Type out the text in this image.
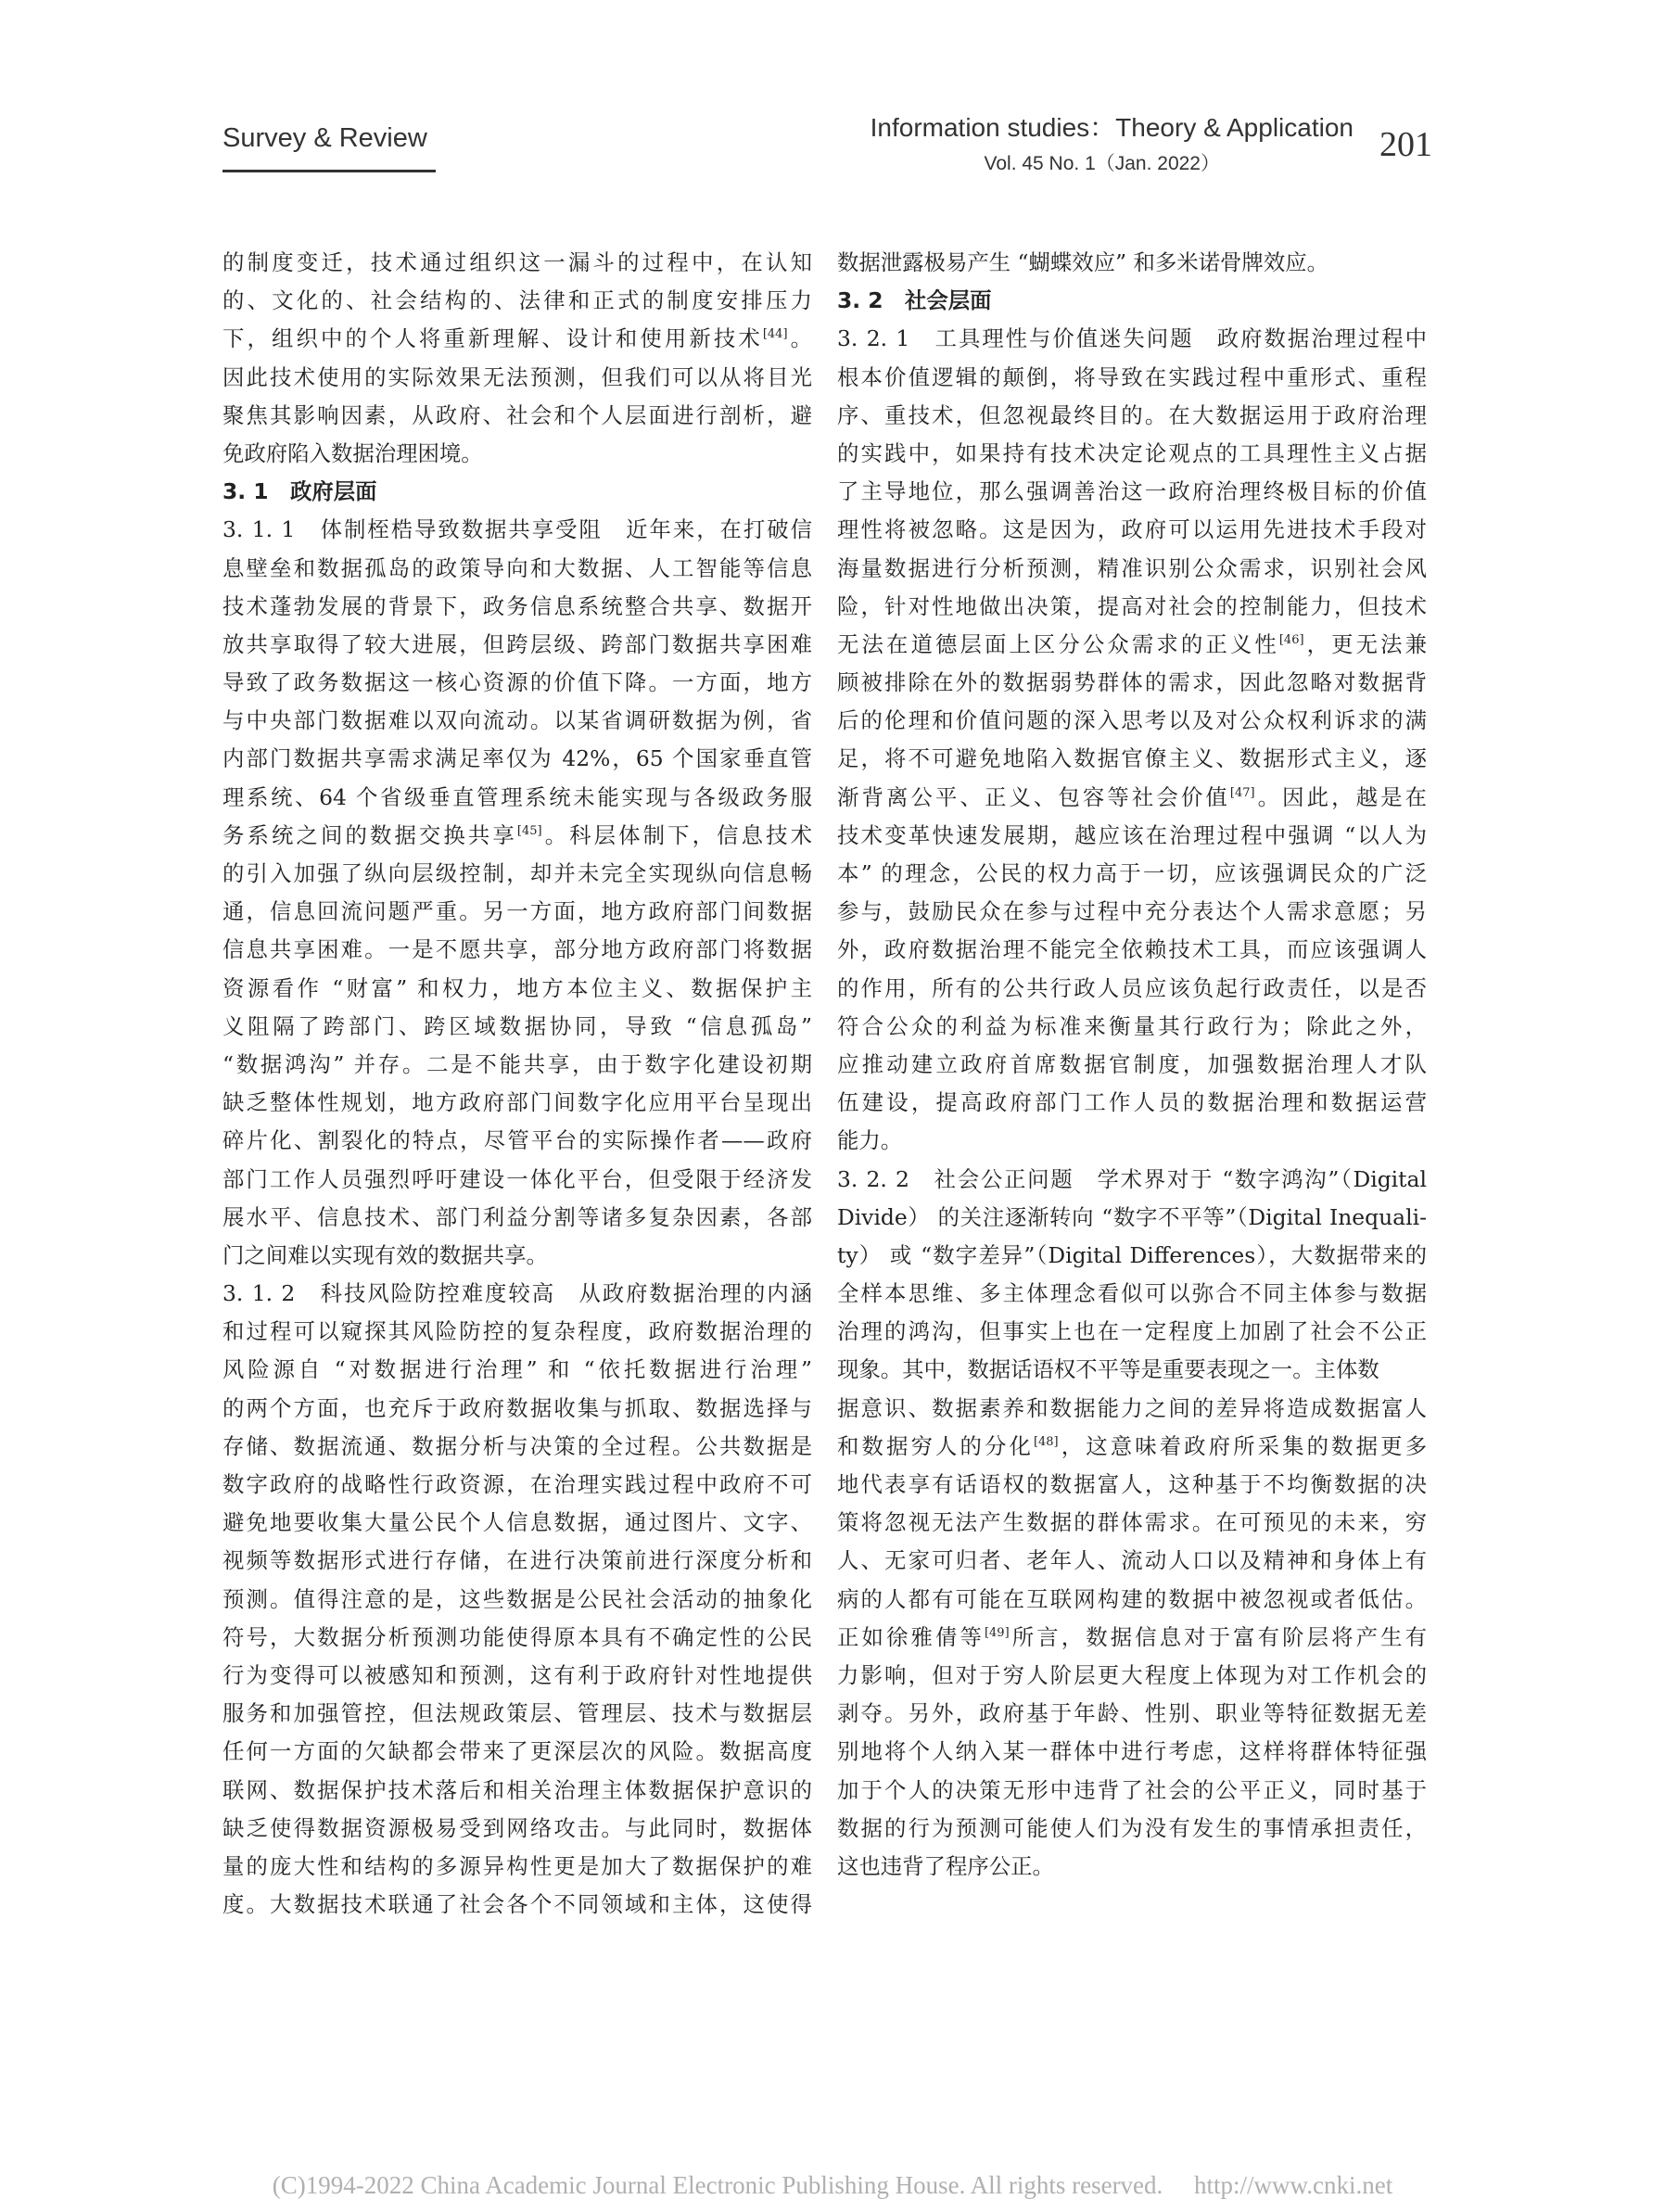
Survey & Review	Information studies：Theory & Application
Vol. 45 No. 1（Jan. 2022）	201
的制度变迁，技术通过组织这一漏斗的过程中，在认知
的、文化的、社会结构的、法律和正式的制度安排压力
下，组织中的个人将重新理解、设计和使用新技术[44]。
因此技术使用的实际效果无法预测，但我们可以从将目光
聚焦其影响因素，从政府、社会和个人层面进行剖析，避
免政府陷入数据治理困境。
3. 1　政府层面
3. 1. 1　体制桎梏导致数据共享受阻　近年来，在打破信
息壁垒和数据孤岛的政策导向和大数据、人工智能等信息
技术蓬勃发展的背景下，政务信息系统整合共享、数据开
放共享取得了较大进展，但跨层级、跨部门数据共享困难
导致了政务数据这一核心资源的价值下降。一方面，地方
与中央部门数据难以双向流动。以某省调研数据为例，省
内部门数据共享需求满足率仅为 42%，65 个国家垂直管
理系统、64 个省级垂直管理系统未能实现与各级政务服
务系统之间的数据交换共享[45]。科层体制下，信息技术
的引入加强了纵向层级控制，却并未完全实现纵向信息畅
通，信息回流问题严重。另一方面，地方政府部门间数据
信息共享困难。一是不愿共享，部分地方政府部门将数据
资源看作 “财富” 和权力，地方本位主义、数据保护主
义阻隔了跨部门、跨区域数据协同，导致 “信息孤岛”
“数据鸿沟” 并存。二是不能共享，由于数字化建设初期
缺乏整体性规划，地方政府部门间数字化应用平台呈现出
碎片化、割裂化的特点，尽管平台的实际操作者——政府
部门工作人员强烈呼吁建设一体化平台，但受限于经济发
展水平、信息技术、部门利益分割等诸多复杂因素，各部
门之间难以实现有效的数据共享。
3. 1. 2　科技风险防控难度较高　从政府数据治理的内涵
和过程可以窥探其风险防控的复杂程度，政府数据治理的
风险源自 “对数据进行治理” 和 “依托数据进行治理”
的两个方面，也充斥于政府数据收集与抓取、数据选择与
存储、数据流通、数据分析与决策的全过程。公共数据是
数字政府的战略性行政资源，在治理实践过程中政府不可
避免地要收集大量公民个人信息数据，通过图片、文字、
视频等数据形式进行存储，在进行决策前进行深度分析和
预测。值得注意的是，这些数据是公民社会活动的抽象化
符号，大数据分析预测功能使得原本具有不确定性的公民
行为变得可以被感知和预测，这有利于政府针对性地提供
服务和加强管控，但法规政策层、管理层、技术与数据层
任何一方面的欠缺都会带来了更深层次的风险。数据高度
联网、数据保护技术落后和相关治理主体数据保护意识的
缺乏使得数据资源极易受到网络攻击。与此同时，数据体
量的庞大性和结构的多源异构性更是加大了数据保护的难
度。大数据技术联通了社会各个不同领域和主体，这使得
数据泄露极易产生 “蝴蝶效应” 和多米诺骨牌效应。
3. 2　社会层面
3. 2. 1　工具理性与价值迷失问题　政府数据治理过程中
根本价值逻辑的颠倒，将导致在实践过程中重形式、重程
序、重技术，但忽视最终目的。在大数据运用于政府治理
的实践中，如果持有技术决定论观点的工具理性主义占据
了主导地位，那么强调善治这一政府治理终极目标的价值
理性将被忽略。这是因为，政府可以运用先进技术手段对
海量数据进行分析预测，精准识别公众需求，识别社会风
险，针对性地做出决策，提高对社会的控制能力，但技术
无法在道德层面上区分公众需求的正义性[46]，更无法兼
顾被排除在外的数据弱势群体的需求，因此忽略对数据背
后的伦理和价值问题的深入思考以及对公众权利诉求的满
足，将不可避免地陷入数据官僚主义、数据形式主义，逐
渐背离公平、正义、包容等社会价值[47]。因此，越是在
技术变革快速发展期，越应该在治理过程中强调 “以人为
本” 的理念，公民的权力高于一切，应该强调民众的广泛
参与，鼓励民众在参与过程中充分表达个人需求意愿；另
外，政府数据治理不能完全依赖技术工具，而应该强调人
的作用，所有的公共行政人员应该负起行政责任，以是否
符合公众的利益为标准来衡量其行政行为；除此之外，
应推动建立政府首席数据官制度，加强数据治理人才队
伍建设，提高政府部门工作人员的数据治理和数据运营
能力。
3. 2. 2　社会公正问题　学术界对于 “数字鸿沟”（Digital
Divide） 的关注逐渐转向 “数字不平等”（Digital Inequali-
ty） 或 “数字差异”（Digital Differences），大数据带来的
全样本思维、多主体理念看似可以弥合不同主体参与数据
治理的鸿沟，但事实上也在一定程度上加剧了社会不公正
现象。其中，数据话语权不平等是重要表现之一。主体数
据意识、数据素养和数据能力之间的差异将造成数据富人
和数据穷人的分化[48]，这意味着政府所采集的数据更多
地代表享有话语权的数据富人，这种基于不均衡数据的决
策将忽视无法产生数据的群体需求。在可预见的未来，穷
人、无家可归者、老年人、流动人口以及精神和身体上有
病的人都有可能在互联网构建的数据中被忽视或者低估。
正如徐雅倩等[49]所言，数据信息对于富有阶层将产生有
力影响，但对于穷人阶层更大程度上体现为对工作机会的
剥夺。另外，政府基于年龄、性别、职业等特征数据无差
别地将个人纳入某一群体中进行考虑，这样将群体特征强
加于个人的决策无形中违背了社会的公平正义，同时基于
数据的行为预测可能使人们为没有发生的事情承担责任，
这也违背了程序公正。
(C)1994-2022 China Academic Journal Electronic Publishing House. All rights reserved.　 http://www.cnki.net
